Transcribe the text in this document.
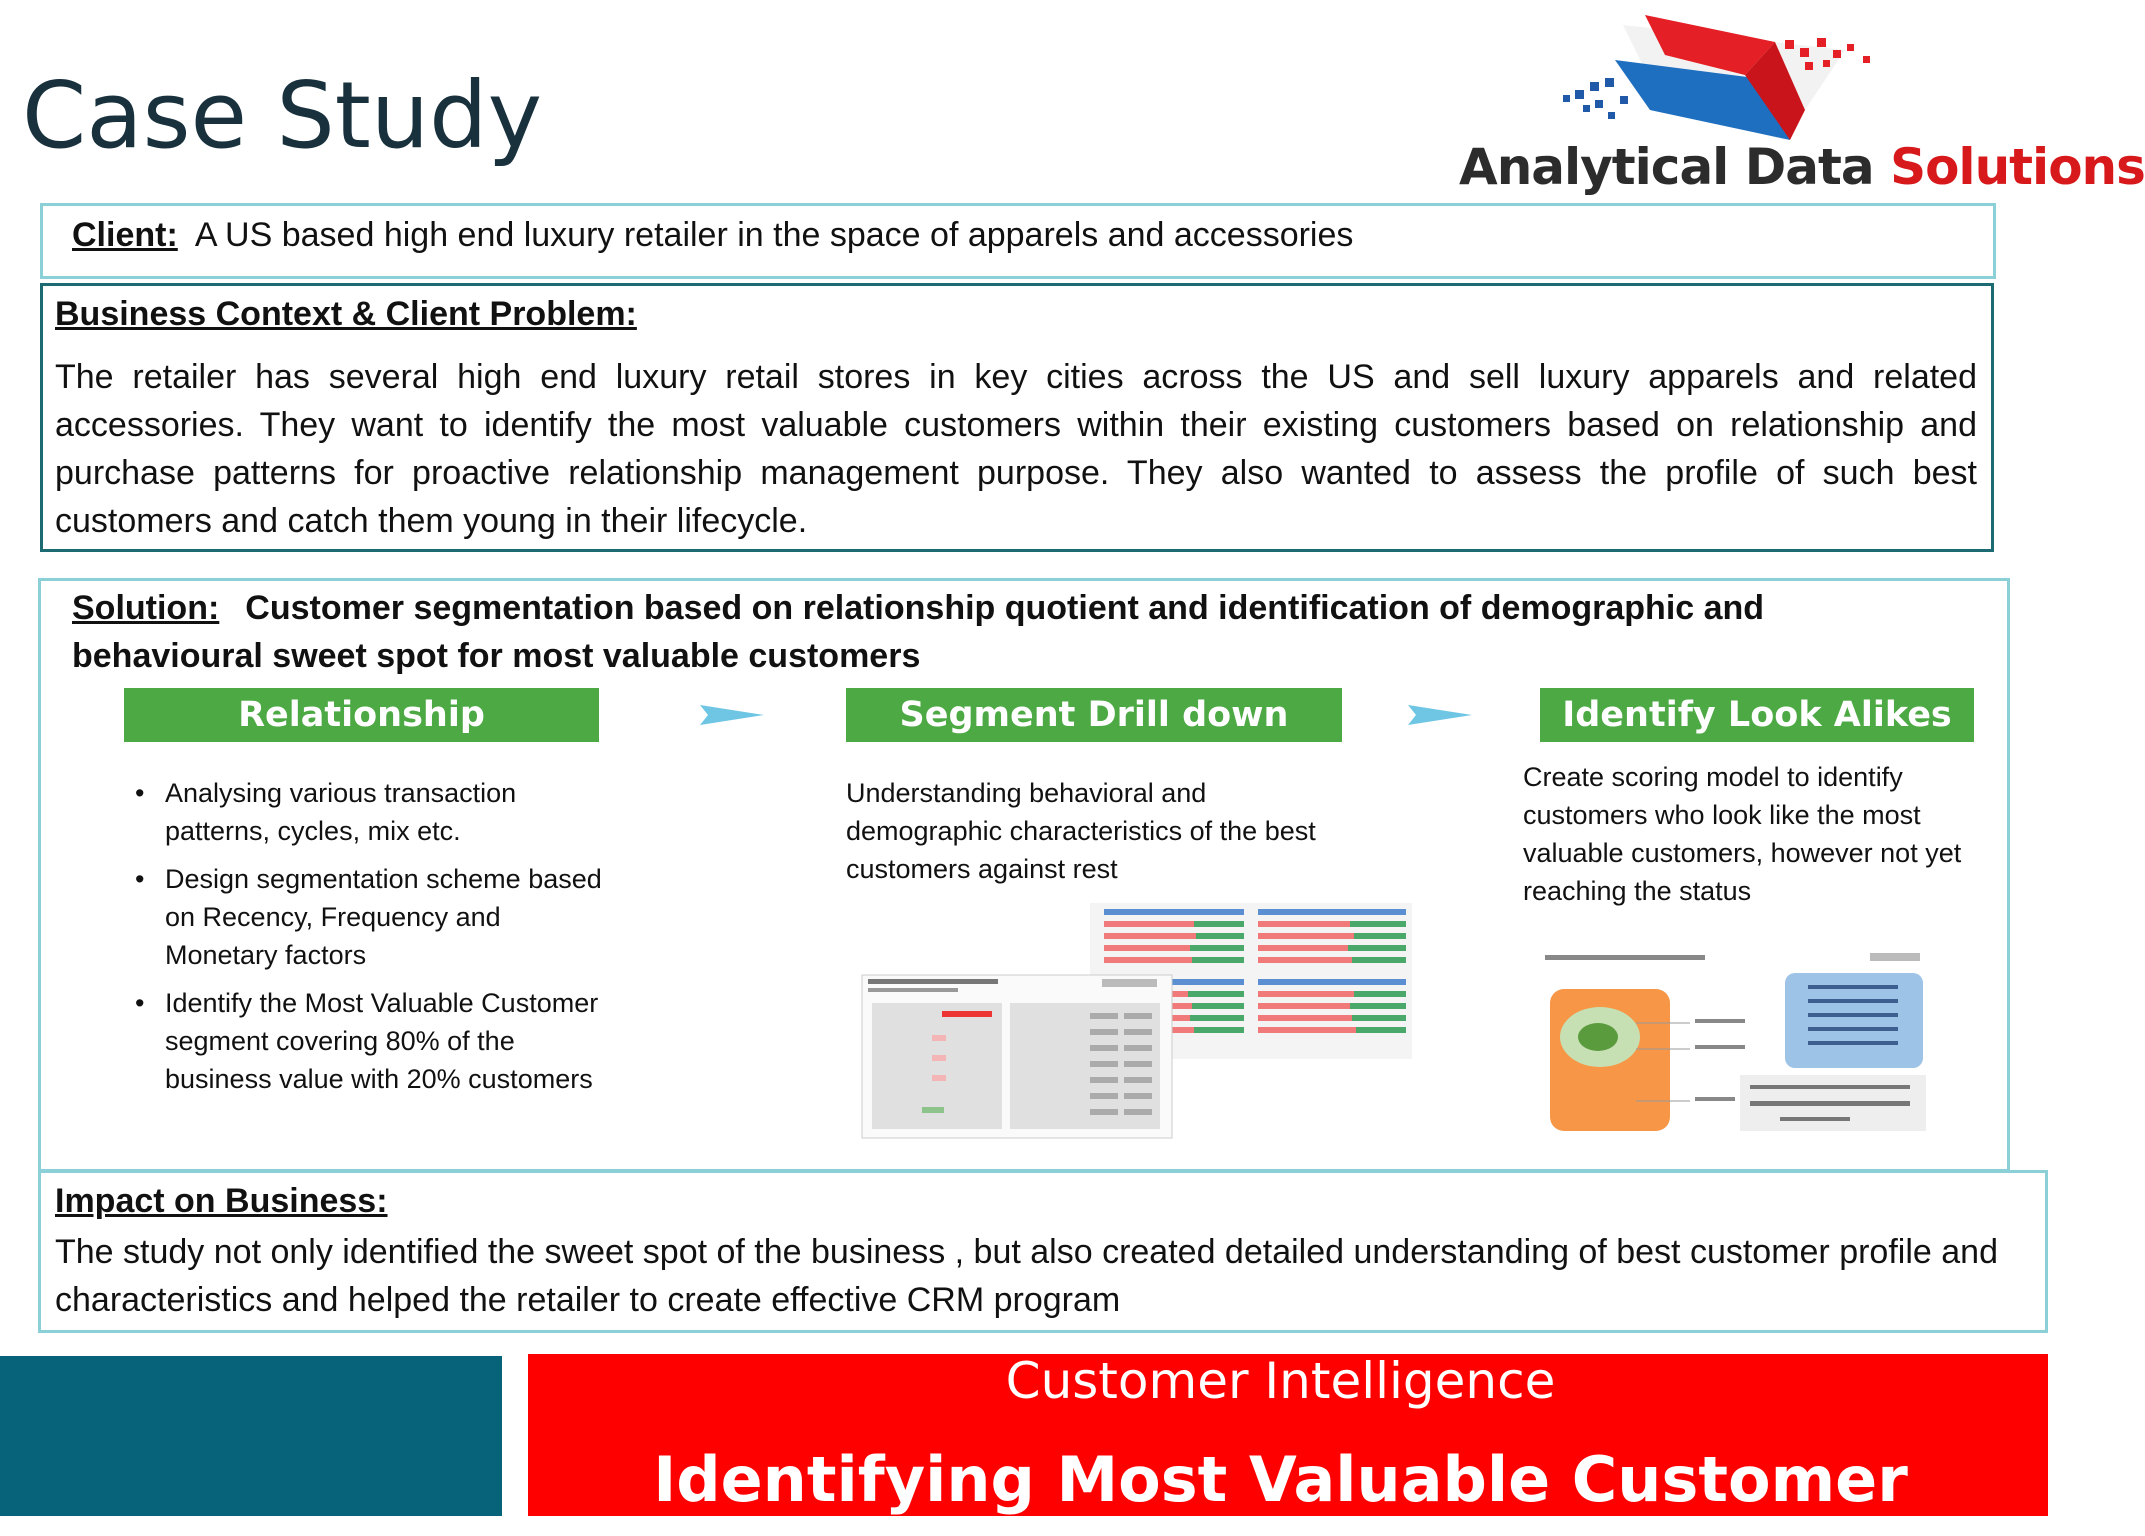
Case Study	Analytical Data Solutions
Client: A US based high end luxury retailer in the space of apparels and accessories
Business Context & Client Problem:
The retailer has several high end luxury retail stores in key cities across the US and sell luxury apparels and related accessories. They want to identify the most valuable customers within their existing customers based on relationship and purchase patterns for proactive relationship management purpose. They also wanted to assess the profile of such best customers and catch them young in their lifecycle.
Solution: Customer segmentation based on relationship quotient and identification of demographic and behavioural sweet spot for most valuable customers
Relationship Segmentation
Segment Drill down	Identify Look Alikes
• Analysing various transaction patterns, cycles, mix etc.
• Design segmentation scheme based on Recency, Frequency and Monetary factors
• Identify the Most Valuable Customer segment covering 80% of the business value with 20% customers
Understanding behavioral and demographic characteristics of the best customers against rest
Create scoring model to identify customers who look like the most valuable customers, however not yet reaching the status
Impact on Business:
The study not only identified the sweet spot of the business , but also created detailed understanding of best customer profile and characteristics and helped the retailer to create effective CRM program
Customer Intelligence
Identifying Most Valuable Customer
